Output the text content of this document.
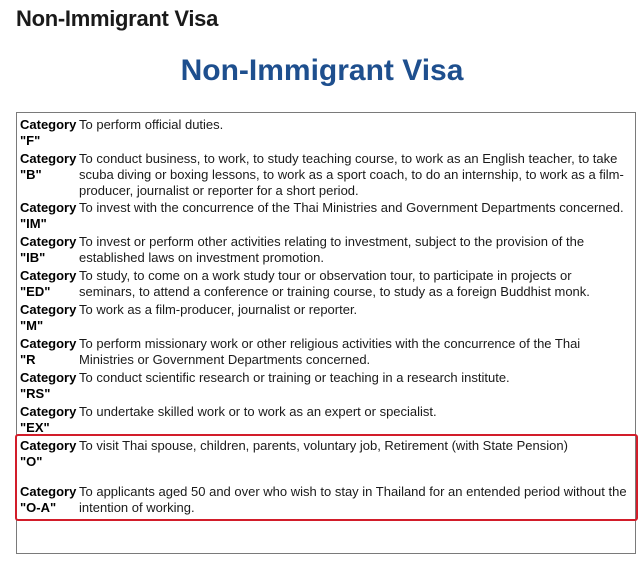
Non-Immigrant Visa
Non-Immigrant Visa
Category "F"
To perform official duties.
Category "B"
To conduct business, to work, to study teaching course, to work as an English teacher, to take scuba diving or boxing lessons, to work as a sport coach, to do an internship, to work as a film-producer, journalist or reporter for a short period.
Category "IM"
To invest with the concurrence of the Thai Ministries and Government Departments concerned.
Category "IB"
To invest or perform other activities relating to investment, subject to the provision of the established laws on investment promotion.
Category "ED"
To study, to come on a work study tour or observation tour, to participate in projects or seminars, to attend a conference or training course, to study as a foreign Buddhist monk.
Category "M"
To work as a film-producer, journalist or reporter.
Category "R
To perform missionary work or other religious activities with the concurrence of the Thai Ministries or Government Departments concerned.
Category "RS"
To conduct scientific research or training or teaching in a research institute.
Category "EX"
To undertake skilled work or to work as an expert or specialist.
Category "O"
To visit Thai spouse, children, parents, voluntary job, Retirement (with State Pension)
Category "O-A"
To applicants aged 50 and over who wish to stay in Thailand for an entended period without the intention of working.
